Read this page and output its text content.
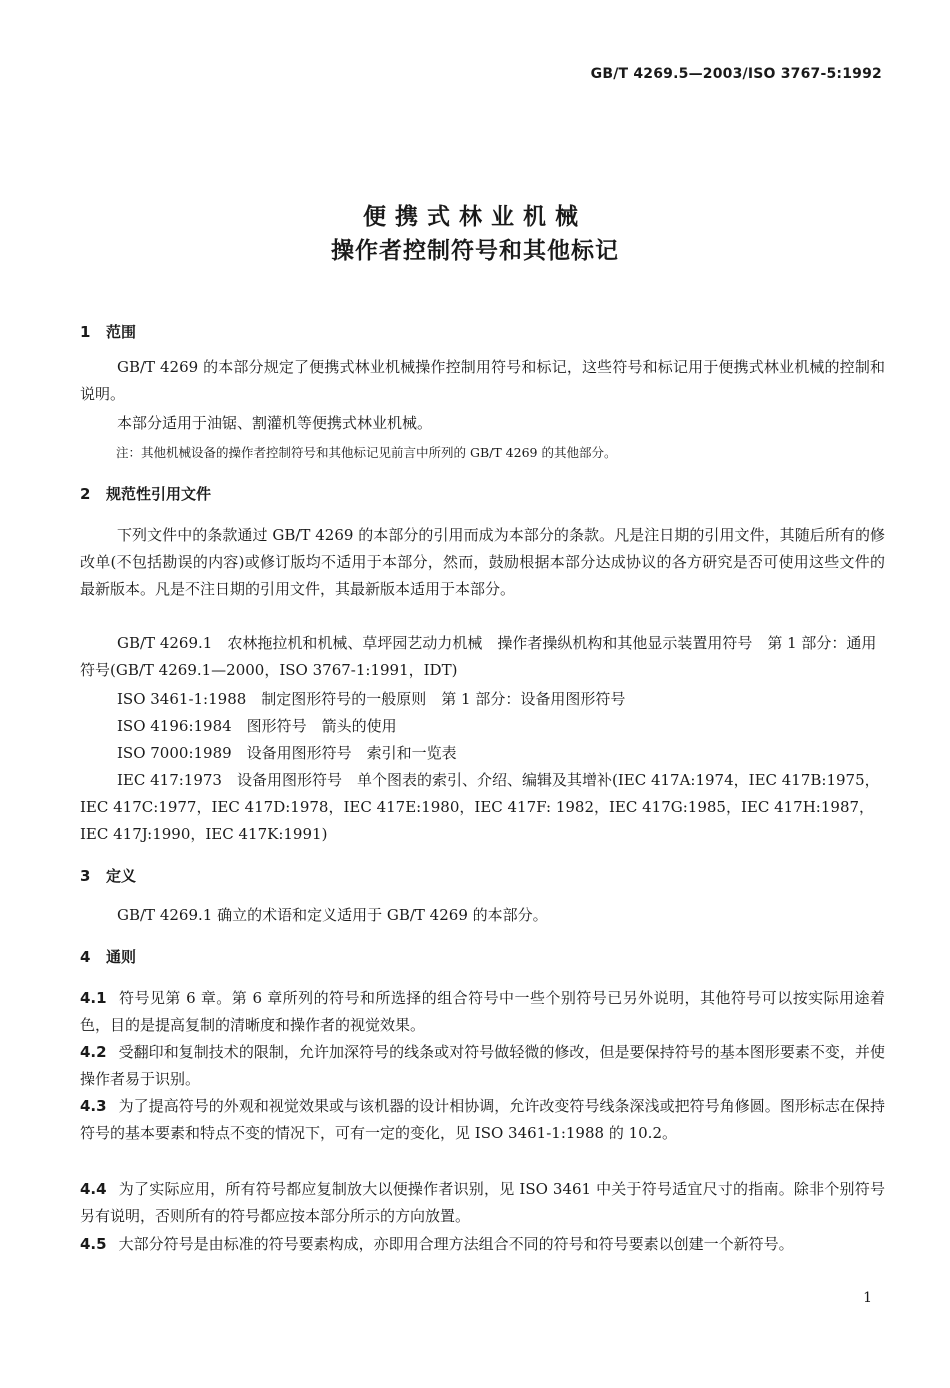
GB/T 4269.5—2003/ISO 3767-5:1992
便携式林业机械
操作者控制符号和其他标记
1 范围
GB/T 4269 的本部分规定了便携式林业机械操作控制用符号和标记，这些符号和标记用于便携式林业机械的控制和说明。
本部分适用于油锯、割灌机等便携式林业机械。
注：其他机械设备的操作者控制符号和其他标记见前言中所列的 GB/T 4269 的其他部分。
2 规范性引用文件
下列文件中的条款通过 GB/T 4269 的本部分的引用而成为本部分的条款。凡是注日期的引用文件，其随后所有的修改单(不包括勘误的内容)或修订版均不适用于本部分，然而，鼓励根据本部分达成协议的各方研究是否可使用这些文件的最新版本。凡是不注日期的引用文件，其最新版本适用于本部分。
GB/T 4269.1　农林拖拉机和机械、草坪园艺动力机械　操作者操纵机构和其他显示装置用符号　第 1 部分：通用符号(GB/T 4269.1—2000，ISO 3767-1:1991，IDT)
ISO 3461-1:1988　制定图形符号的一般原则　第 1 部分：设备用图形符号
ISO 4196:1984　图形符号　箭头的使用
ISO 7000:1989　设备用图形符号　索引和一览表
IEC 417:1973　设备用图形符号　单个图表的索引、介绍、编辑及其增补(IEC 417A:1974，IEC 417B:1975，IEC 417C:1977，IEC 417D:1978，IEC 417E:1980，IEC 417F: 1982，IEC 417G:1985，IEC 417H:1987，IEC 417J:1990，IEC 417K:1991)
3 定义
GB/T 4269.1 确立的术语和定义适用于 GB/T 4269 的本部分。
4 通则
4.1 符号见第 6 章。第 6 章所列的符号和所选择的组合符号中一些个别符号已另外说明，其他符号可以按实际用途着色，目的是提高复制的清晰度和操作者的视觉效果。
4.2 受翻印和复制技术的限制，允许加深符号的线条或对符号做轻微的修改，但是要保持符号的基本图形要素不变，并使操作者易于识别。
4.3 为了提高符号的外观和视觉效果或与该机器的设计相协调，允许改变符号线条深浅或把符号角修圆。图形标志在保持符号的基本要素和特点不变的情况下，可有一定的变化，见 ISO 3461-1:1988 的 10.2。
4.4 为了实际应用，所有符号都应复制放大以便操作者识别，见 ISO 3461 中关于符号适宜尺寸的指南。除非个别符号另有说明，否则所有的符号都应按本部分所示的方向放置。
4.5 大部分符号是由标准的符号要素构成，亦即用合理方法组合不同的符号和符号要素以创建一个新符号。
1
